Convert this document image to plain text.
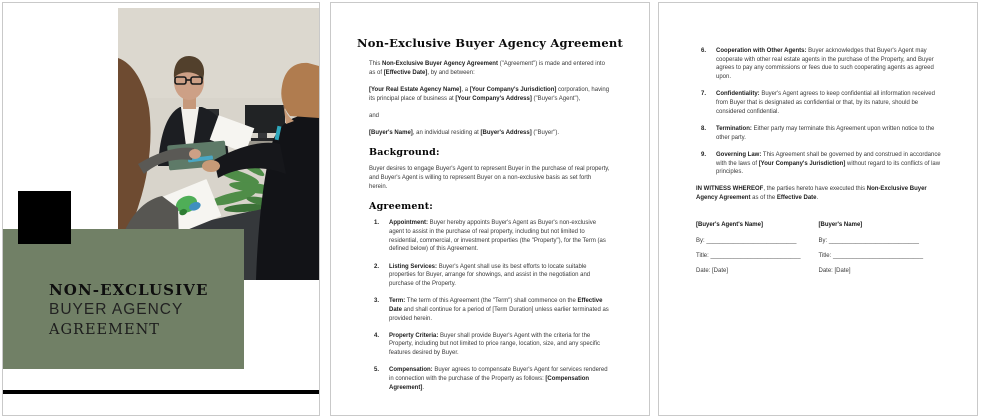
NON-EXCLUSIVE
BUYER AGENCY
AGREEMENT
Non-Exclusive Buyer Agency Agreement

This Non-Exclusive Buyer Agency Agreement ("Agreement") is made and entered into as of [Effective Date], by and between:

[Your Real Estate Agency Name], a [Your Company's Jurisdiction] corporation, having its principal place of business at [Your Company's Address] ("Buyer's Agent"),

and

[Buyer's Name], an individual residing at [Buyer's Address] ("Buyer").

Background:

Buyer desires to engage Buyer's Agent to represent Buyer in the purchase of real property, and Buyer's Agent is willing to represent Buyer on a non-exclusive basis as set forth herein.

Agreement:
1.	Appointment: Buyer hereby appoints Buyer's Agent as Buyer's non-exclusive agent to assist in the purchase of real property, including but not limited to residential, commercial, or investment properties (the "Property"), for the Term (as defined below) of this Agreement.
2.	Listing Services: Buyer's Agent shall use its best efforts to locate suitable properties for Buyer, arrange for showings, and assist in the negotiation and purchase of the Property.
3.	Term: The term of this Agreement (the "Term") shall commence on the Effective Date and shall continue for a period of [Term Duration] unless earlier terminated as provided herein.
4.	Property Criteria: Buyer shall provide Buyer's Agent with the criteria for the Property, including but not limited to price range, location, size, and any specific features desired by Buyer.
5.	Compensation: Buyer agrees to compensate Buyer's Agent for services rendered in connection with the purchase of the Property as follows: [Compensation Agreement].
6.	Cooperation with Other Agents: Buyer acknowledges that Buyer's Agent may cooperate with other real estate agents in the purchase of the Property, and Buyer agrees to pay any commissions or fees due to such cooperating agents as agreed upon.
7.	Confidentiality: Buyer's Agent agrees to keep confidential all information received from Buyer that is designated as confidential or that, by its nature, should be considered confidential.
8.	Termination: Either party may terminate this Agreement upon written notice to the other party.
9.	Governing Law: This Agreement shall be governed by and construed in accordance with the laws of [Your Company's Jurisdiction] without regard to its conflicts of law principles.

IN WITNESS WHEREOF, the parties hereto have executed this Non-Exclusive Buyer Agency Agreement as of the Effective Date.

[Buyer's Agent's Name]
By: ___________________________
Title: ___________________________
Date: [Date]
[Buyer's Name]
By: ___________________________
Title: ___________________________
Date: [Date]
